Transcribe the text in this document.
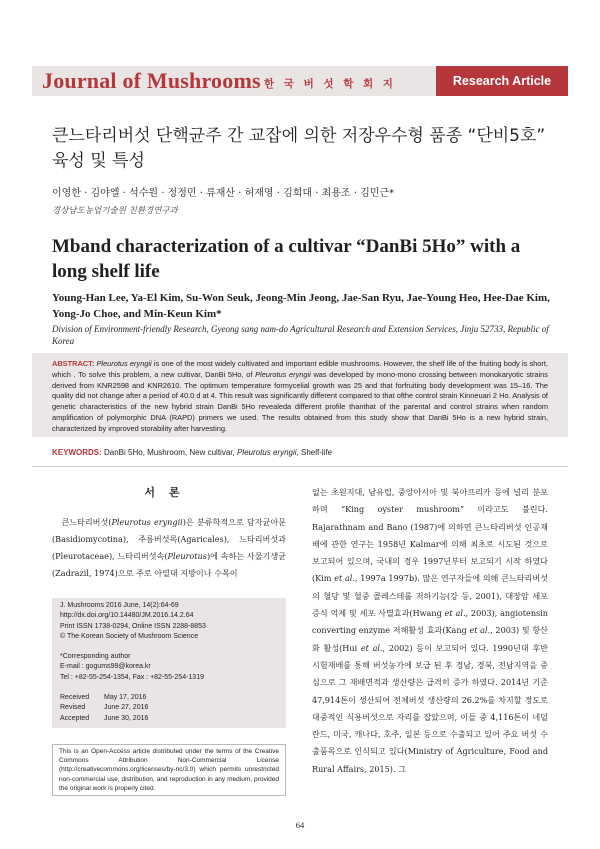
Journal of Mushrooms 한 국 버 섯 학 회 지	Research Article
큰느타리버섯 단핵균주 간 교잡에 의한 저장우수형 품종 “단비5호” 육성 및 특성
이영한 · 김야엘 · 석수원 · 정정민 · 류재산 · 허재영 · 김희대 · 최용조 · 김민근*
경상남도농업기술원 친환경연구과
Mband characterization of a cultivar “DanBi 5Ho” with a long shelf life
Young-Han Lee, Ya-El Kim, Su-Won Seuk, Jeong-Min Jeong, Jae-San Ryu, Jae-Young Heo, Hee-Dae Kim, Yong-Jo Choe, and Min-Keun Kim*
Division of Environment-friendly Research, Gyeong sang nam-do Agricultural Research and Extension Services, Jinju 52733, Republic of Korea
ABSTRACT: Pleurotus eryngii is one of the most widely cultivated and important edible mushrooms. However, the shelf life of the fruiting body is short, which . To solve this problem, a new cultivar, DanBi 5Ho, of Pleurotus eryngii was developed by mono-mono crossing between monokaryotic strains derived from KNR2598 and KNR2610. The optimum temperature formycelial growth was 25 and that forfruiting body development was 15–16. The quality did not change after a period of 40.0 d at 4. This result was significantly different compared to that ofthe control strain Kinneuari 2 Ho. Analysis of genetic characteristics of the new hybrid strain DanBi 5Ho revealeda different profile thanthat of the parental and control strains when random amplification of polymorphic DNA (RAPD) primers we used. The results obtained from this study show that DanBi 5Ho is a new hybrid strain, characterized by improved storability after harvesting.
KEYWORDS: DanBi 5Ho, Mushroom, New cultivar, Pleurotus eryngii, Shelf-life
서론
큰느타리버섯(Pleurotus eryngii)은 분류학적으로 담자균아문(Basidiomycotina), 주름버섯목(Agaricales), 느타리버섯과(Pleurotaceae), 느타리버섯속(Pleurotus)에 속하는 사물기생균(Zadrazil, 1974)으로 주로 아열대 지방이나 수목이
J. Mushrooms 2016 June, 14(2):64-69
http://dx.doi.org/10.14480/JM.2016.14.2.64
Print ISSN 1738-0294, Online ISSN 2288-8853
© The Korean Society of Mushroom Science
*Corresponding author
E-mail : gogums99@korea.kr
Tel : +82-55-254-1354, Fax : +82-55-254-1319
Received May 17, 2016
Revised	June 27, 2016
Accepted June 30, 2016
This is an Open-Access article distributed under the terms of the Creative Commons Attribution Non-Commercial License (http://creativecommons.org/licenses/by-nc/3.0) which permits unrestricted non-commercial use, distribution, and reproduction in any medium, provided the original work is properly cited.
없는 초원지대, 남유럽, 중앙아시아 및 북아프리카 등에 널리 분포하며 “King oyster mushroom” 이라고도 불린다. Rajarathnam and Bano (1987)에 의하면 큰느타리버섯 인공재배에 관한 연구는 1958년 Kalmar에 의해 최초로 시도된 것으로 보고되어 있으며, 국내의 경우 1997년부터 보고되기 시작 하였다(Kim et al., 1997a 1997b). 많은 연구자들에 의해 큰느타리버섯의 혈당 및 혈중 콜레스테롤 저하기능(강 등, 2001), 대장암 세포 증식 억제 및 세포 사멸효과(Hwang et al., 2003), angiotensin converting enzyme 저해활성 효과(Kang et al., 2003) 및 항산화 활성(Hui et al., 2002) 등이 보고되어 있다. 1990년대 후반 시험재배를 통해 버섯농가에 보급 된 후 경남, 경북, 전남지역을 중심으로 그 재배면적과 생산량은 급격히 증가 하였다. 2014년 기준 47,914톤이 생산되어 전체버섯 생산량의 26.2%를 차지할 정도로 대중적인 식용버섯으로 자리를 잡았으며, 이들 중 4,116톤이 네덜란드, 미국, 캐나다, 호주, 일본 등으로 수출되고 있어 주요 버섯 수출품목으로 인식되고 있다(Ministry of Agriculture, Food and Rural Affairs, 2015). 그
64
